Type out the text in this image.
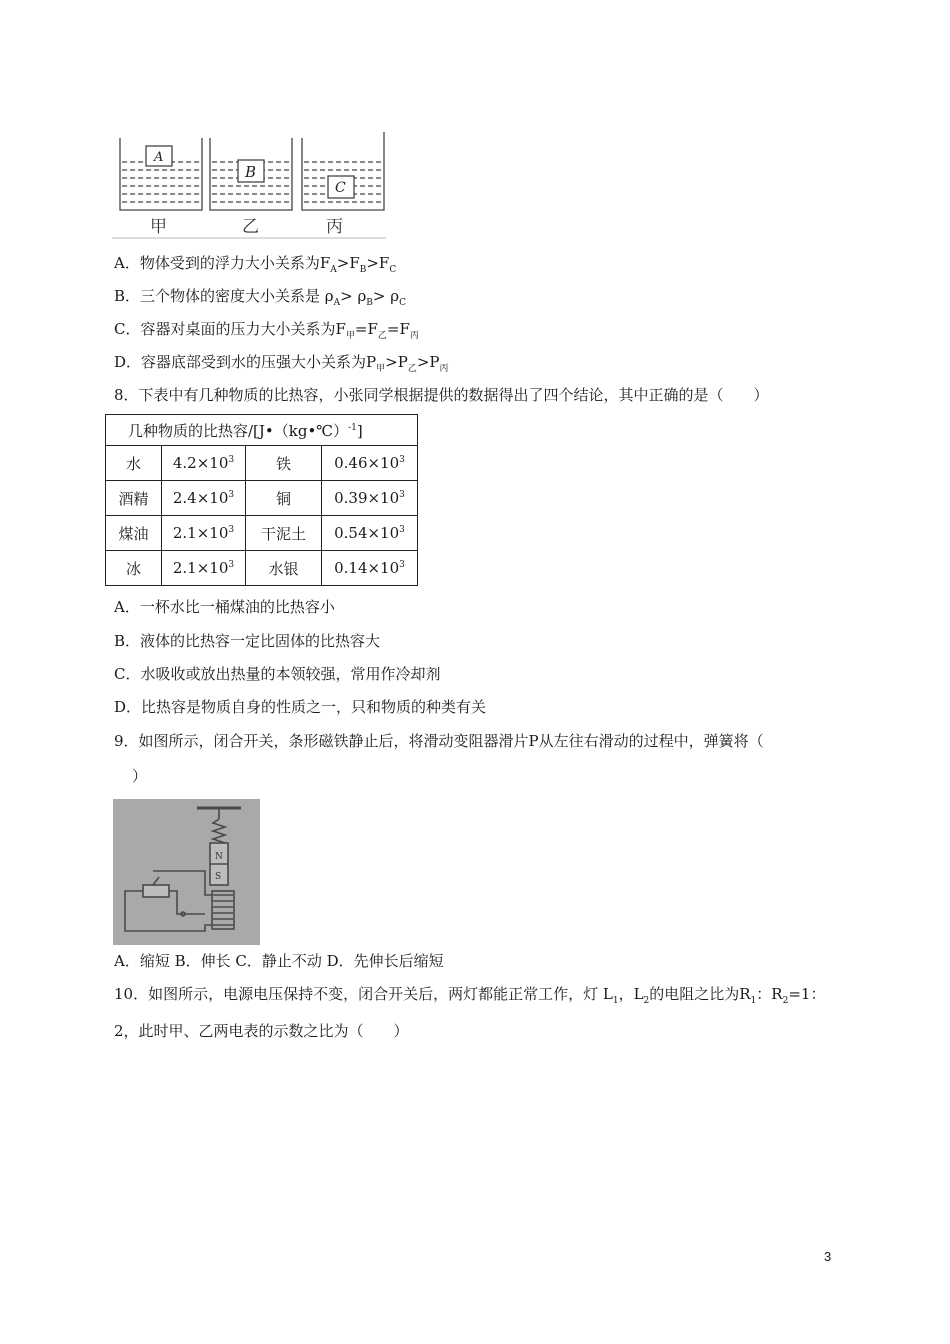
A
B
C
甲	乙	丙
A．物体受到的浮力大小关系为$F_A>F_B>F_C$
B．三个物体的密度大小关系是 $\rho_A> \rho_B> \rho_C$
C．容器对桌面的压力大小关系为$F_甲=F_乙=F_丙$
D．容器底部受到水的压强大小关系为$P_甲>P_乙>P_丙$
8．下表中有几种物质的比热容，小张同学根据提供的数据得出了四个结论，其中正确的是（　　）
几种物质的比热容/[J•（kg•℃）$^{-1}$]			
水	$4.2\times 10^3$	铁	$0.46\times 10^3$
酒精	$2.4\times 10^3$	铜	$0.39\times 10^3$
煤油	$2.1\times 10^3$	干泥土	$0.54\times 10^3$
冰	$2.1\times 10^3$	水银	$0.14\times 10^3$
A．一杯水比一桶煤油的比热容小
B．液体的比热容一定比固体的比热容大
C．水吸收或放出热量的本领较强，常用作冷却剂
D．比热容是物质自身的性质之一，只和物质的种类有关
9．如图所示，闭合开关，条形磁铁静止后，将滑动变阻器滑片P从左往右滑动的过程中，弹簧将（
）
N
S
A．缩短 B．伸长 C．静止不动 D．先伸长后缩短
10．如图所示，电源电压保持不变，闭合开关后，两灯都能正常工作，灯 $L_1$，$L_2$的电阻之比为$R_1$：$R_2=1$：
2，此时甲、乙两电表的示数之比为（　　）
3
